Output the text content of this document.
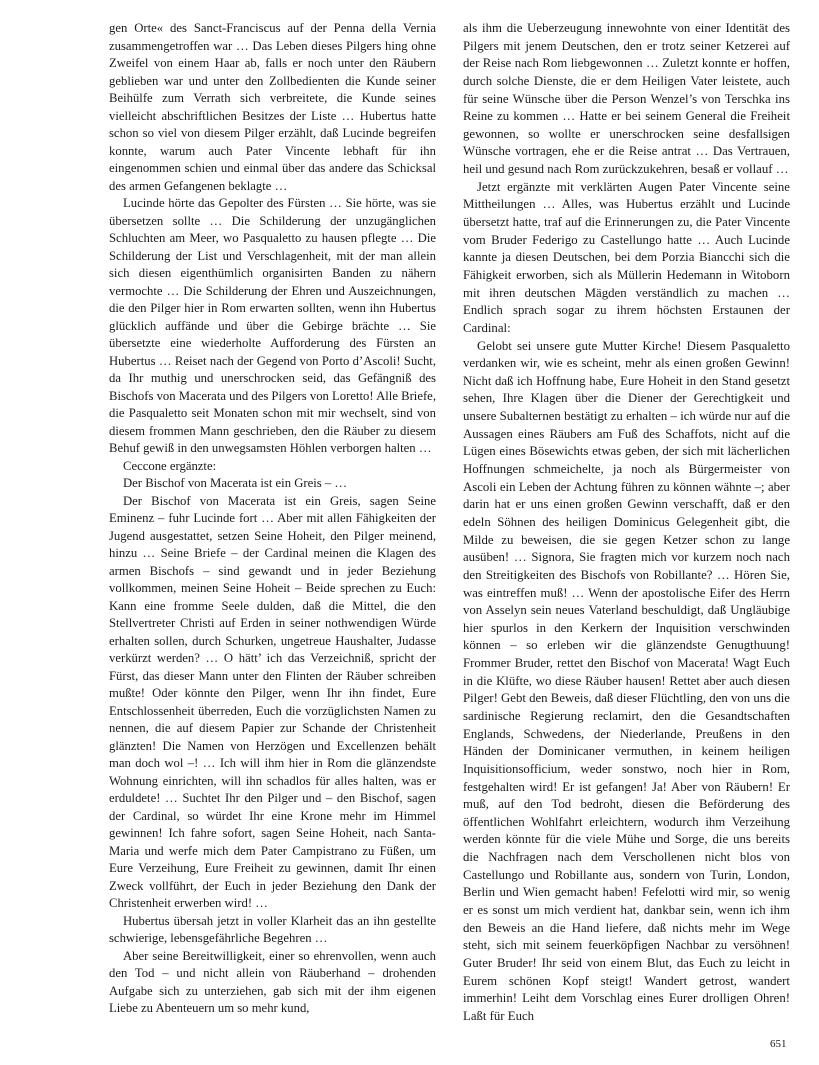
gen Orte« des Sanct-Franciscus auf der Penna della Vernia zusammengetroffen war … Das Leben dieses Pilgers hing ohne Zweifel von einem Haar ab, falls er noch unter den Räubern geblieben war und unter den Zollbedienten die Kunde seiner Beihülfe zum Verrath sich verbreitete, die Kunde seines vielleicht abschriftlichen Besitzes der Liste … Hubertus hatte schon so viel von diesem Pilger erzählt, daß Lucinde begreifen konnte, warum auch Pater Vincente lebhaft für ihn eingenommen schien und einmal über das andere das Schicksal des armen Gefangenen beklagte …

Lucinde hörte das Gepolter des Fürsten … Sie hörte, was sie übersetzen sollte … Die Schilderung der unzugänglichen Schluchten am Meer, wo Pasqualetto zu hausen pflegte … Die Schilderung der List und Verschlagenheit, mit der man allein sich diesen eigenthümlich organisirten Banden zu nähern vermochte … Die Schilderung der Ehren und Auszeichnungen, die den Pilger hier in Rom erwarten sollten, wenn ihn Hubertus glücklich auffände und über die Gebirge brächte … Sie übersetzte eine wiederholte Aufforderung des Fürsten an Hubertus … Reiset nach der Gegend von Porto d’Ascoli! Sucht, da Ihr muthig und unerschrocken seid, das Gefängniß des Bischofs von Macerata und des Pilgers von Loretto! Alle Briefe, die Pasqualetto seit Monaten schon mit mir wechselt, sind von diesem frommen Mann geschrieben, den die Räuber zu diesem Behuf gewiß in den unwegsamsten Höhlen verborgen halten …

Ceccone ergänzte:

Der Bischof von Macerata ist ein Greis – …

Der Bischof von Macerata ist ein Greis, sagen Seine Eminenz – fuhr Lucinde fort … Aber mit allen Fähigkeiten der Jugend ausgestattet, setzen Seine Hoheit, den Pilger meinend, hinzu … Seine Briefe – der Cardinal meinen die Klagen des armen Bischofs – sind gewandt und in jeder Beziehung vollkommen, meinen Seine Hoheit – Beide sprechen zu Euch: Kann eine fromme Seele dulden, daß die Mittel, die den Stellvertreter Christi auf Erden in seiner nothwendigen Würde erhalten sollen, durch Schurken, ungetreue Haushalter, Judasse verkürzt werden? … O hätt’ ich das Verzeichniß, spricht der Fürst, das dieser Mann unter den Flinten der Räuber schreiben mußte! Oder könnte den Pilger, wenn Ihr ihn findet, Eure Entschlossenheit überreden, Euch die vorzüglichsten Namen zu nennen, die auf diesem Papier zur Schande der Christenheit glänzten! Die Namen von Herzögen und Excellenzen behält man doch wol –! … Ich will ihm hier in Rom die glänzendste Wohnung einrichten, will ihn schadlos für alles halten, was er erduldete! … Suchtet Ihr den Pilger und – den Bischof, sagen der Cardinal, so würdet Ihr eine Krone mehr im Himmel gewinnen! Ich fahre sofort, sagen Seine Hoheit, nach Santa-Maria und werfe mich dem Pater Campistrano zu Füßen, um Eure Verzeihung, Eure Freiheit zu gewinnen, damit Ihr einen Zweck vollführt, der Euch in jeder Beziehung den Dank der Christenheit erwerben wird! …

Hubertus übersah jetzt in voller Klarheit das an ihn gestellte schwierige, lebensgefährliche Begehren …

Aber seine Bereitwilligkeit, einer so ehrenvollen, wenn auch den Tod – und nicht allein von Räuberhand – drohenden Aufgabe sich zu unterziehen, gab sich mit der ihm eigenen Liebe zu Abenteuern um so mehr kund,

als ihm die Ueberzeugung innewohnte von einer Identität des Pilgers mit jenem Deutschen, den er trotz seiner Ketzerei auf der Reise nach Rom liebgewonnen … Zuletzt konnte er hoffen, durch solche Dienste, die er dem Heiligen Vater leistete, auch für seine Wünsche über die Person Wenzel’s von Terschka ins Reine zu kommen … Hatte er bei seinem General die Freiheit gewonnen, so wollte er unerschrocken seine desfallsigen Wünsche vortragen, ehe er die Reise antrat … Das Vertrauen, heil und gesund nach Rom zurückzukehren, besaß er vollauf …

Jetzt ergänzte mit verklärten Augen Pater Vincente seine Mittheilungen … Alles, was Hubertus erzählt und Lucinde übersetzt hatte, traf auf die Erinnerungen zu, die Pater Vincente vom Bruder Federigo zu Castellungo hatte … Auch Lucinde kannte ja diesen Deutschen, bei dem Porzia Biancchi sich die Fähigkeit erworben, sich als Müllerin Hedemann in Witoborn mit ihren deutschen Mägden verständlich zu machen … Endlich sprach sogar zu ihrem höchsten Erstaunen der Cardinal:

Gelobt sei unsere gute Mutter Kirche! Diesem Pasqualetto verdanken wir, wie es scheint, mehr als einen großen Gewinn! Nicht daß ich Hoffnung habe, Eure Hoheit in den Stand gesetzt sehen, Ihre Klagen über die Diener der Gerechtigkeit und unsere Subalternen bestätigt zu erhalten – ich würde nur auf die Aussagen eines Räubers am Fuß des Schaffots, nicht auf die Lügen eines Bösewichts etwas geben, der sich mit lächerlichen Hoffnungen schmeichelte, ja noch als Bürgermeister von Ascoli ein Leben der Achtung führen zu können wähnte –; aber darin hat er uns einen großen Gewinn verschafft, daß er den edeln Söhnen des heiligen Dominicus Gelegenheit gibt, die Milde zu beweisen, die sie gegen Ketzer schon zu lange ausüben! … Signora, Sie fragten mich vor kurzem noch nach den Streitigkeiten des Bischofs von Robillante? … Hören Sie, was eintreffen muß! … Wenn der apostolische Eifer des Herrn von Asselyn sein neues Vaterland beschuldigt, daß Ungläubige hier spurlos in den Kerkern der Inquisition verschwinden können – so erleben wir die glänzendste Genugthuung! Frommer Bruder, rettet den Bischof von Macerata! Wagt Euch in die Klüfte, wo diese Räuber hausen! Rettet aber auch diesen Pilger! Gebt den Beweis, daß dieser Flüchtling, den von uns die sardinische Regierung reclamirt, den die Gesandtschaften Englands, Schwedens, der Niederlande, Preußens in den Händen der Dominicaner vermuthen, in keinem heiligen Inquisitionsofficium, weder sonstwo, noch hier in Rom, festgehalten wird! Er ist gefangen! Ja! Aber von Räubern! Er muß, auf den Tod bedroht, diesen die Beförderung des öffentlichen Wohlfahrt erleichtern, wodurch ihm Verzeihung werden könnte für die viele Mühe und Sorge, die uns bereits die Nachfragen nach dem Verschollenen nicht blos von Castellungo und Robillante aus, sondern von Turin, London, Berlin und Wien gemacht haben! Fefelotti wird mir, so wenig er es sonst um mich verdient hat, dankbar sein, wenn ich ihm den Beweis an die Hand liefere, daß nichts mehr im Wege steht, sich mit seinem feuerköpfigen Nachbar zu versöhnen! Guter Bruder! Ihr seid von einem Blut, das Euch zu leicht in Eurem schönen Kopf steigt! Wandert getrost, wandert immerhin! Leiht dem Vorschlag eines Eurer drolligen Ohren! Laßt für Euch

651
